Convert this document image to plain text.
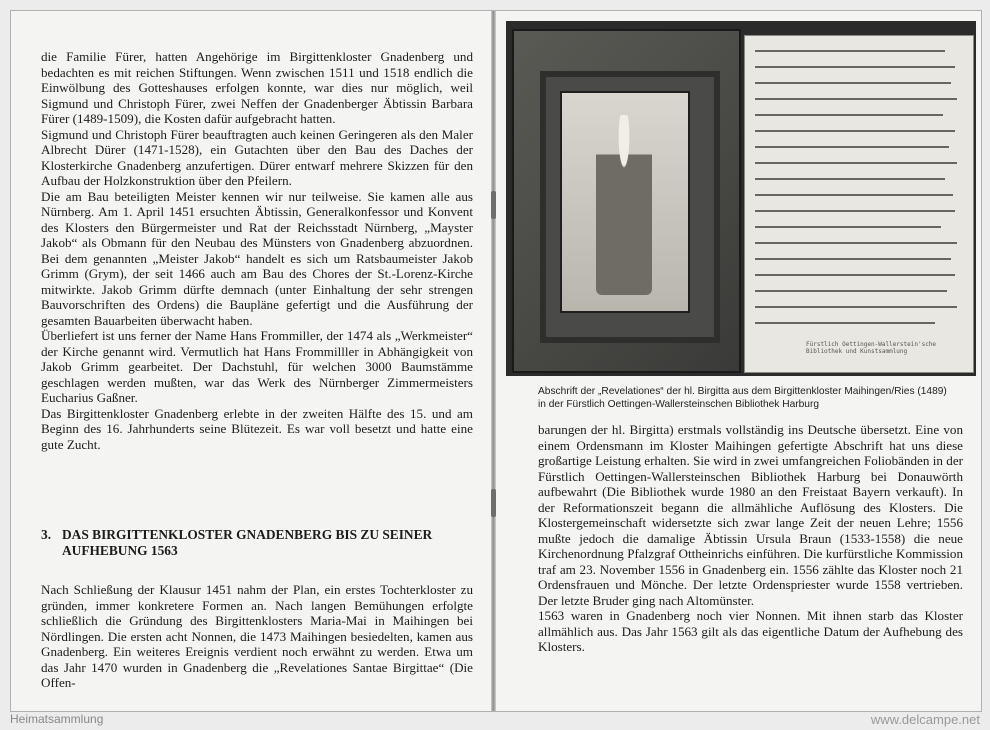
die Familie Fürer, hatten Angehörige im Birgittenkloster Gnadenberg und bedachten es mit reichen Stiftungen. Wenn zwischen 1511 und 1518 endlich die Einwölbung des Gotteshauses erfolgen konnte, war dies nur möglich, weil Sigmund und Christoph Fürer, zwei Neffen der Gnadenberger Äbtissin Barbara Fürer (1489-1509), die Kosten dafür aufgebracht hatten.

Sigmund und Christoph Fürer beauftragten auch keinen Geringeren als den Maler Albrecht Dürer (1471-1528), ein Gutachten über den Bau des Daches der Klosterkirche Gnadenberg anzufertigen. Dürer entwarf mehrere Skizzen für den Aufbau der Holzkonstruktion über den Pfeilern.

Die am Bau beteiligten Meister kennen wir nur teilweise. Sie kamen alle aus Nürnberg. Am 1. April 1451 ersuchten Äbtissin, Generalkonfessor und Konvent des Klosters den Bürgermeister und Rat der Reichsstadt Nürnberg, „Mayster Jakob“ als Obmann für den Neubau des Münsters von Gnadenberg abzuordnen. Bei dem genannten „Meister Jakob“ handelt es sich um Ratsbaumeister Jakob Grimm (Grym), der seit 1466 auch am Bau des Chores der St.-Lorenz-Kirche mitwirkte. Jakob Grimm dürfte demnach (unter Einhaltung der sehr strengen Bauvorschriften des Ordens) die Baupläne gefertigt und die Ausführung der gesamten Bauarbeiten überwacht haben.

Überliefert ist uns ferner der Name Hans Frommiller, der 1474 als „Werkmeister“ der Kirche genannt wird. Vermutlich hat Hans Frommilller in Abhängigkeit von Jakob Grimm gearbeitet. Der Dachstuhl, für welchen 3000 Baumstämme geschlagen werden mußten, war das Werk des Nürnberger Zimmermeisters Eucharius Gaßner.

Das Birgittenkloster Gnadenberg erlebte in der zweiten Hälfte des 15. und am Beginn des 16. Jahrhunderts seine Blütezeit. Es war voll besetzt und hatte eine gute Zucht.

3. DAS BIRGITTENKLOSTER GNADENBERG BIS ZU SEINER
AUFHEBUNG 1563

Nach Schließung der Klausur 1451 nahm der Plan, ein erstes Tochterkloster zu gründen, immer konkretere Formen an. Nach langen Bemühungen erfolgte schließlich die Gründung des Birgittenklosters Maria-Mai in Maihingen bei Nördlingen. Die ersten acht Nonnen, die 1473 Maihingen besiedelten, kamen aus Gnadenberg. Ein weiteres Ereignis verdient noch erwähnt zu werden. Etwa um das Jahr 1470 wurden in Gnadenberg die „Revelationes Santae Birgittae“ (Die Offen-

Fürstlich Oettingen-Wallerstein'sche Bibliothek und Kunstsammlung
Abschrift der „Revelationes“ der hl. Birgitta aus dem Birgittenkloster Maihingen/Ries (1489)
in der Fürstlich Oettingen-Wallersteinschen Bibliothek Harburg

barungen der hl. Birgitta) erstmals vollständig ins Deutsche übersetzt. Eine von einem Ordensmann im Kloster Maihingen gefertigte Abschrift hat uns diese großartige Leistung erhalten. Sie wird in zwei umfangreichen Foliobänden in der Fürstlich Oettingen-Wallersteinschen Bibliothek Harburg bei Donauwörth aufbewahrt (Die Bibliothek wurde 1980 an den Freistaat Bayern verkauft). In der Reformationszeit begann die allmähliche Auflösung des Klosters. Die Klostergemeinschaft widersetzte sich zwar lange Zeit der neuen Lehre; 1556 mußte jedoch die damalige Äbtissin Ursula Braun (1533-1558) die neue Kirchenordnung Pfalzgraf Ottheinrichs einführen. Die kurfürstliche Kommission traf am 23. November 1556 in Gnadenberg ein. 1556 zählte das Kloster noch 21 Ordensfrauen und Mönche. Der letzte Ordenspriester wurde 1558 vertrieben. Der letzte Bruder ging nach Altomünster.

1563 waren in Gnadenberg noch vier Nonnen. Mit ihnen starb das Kloster allmählich aus. Das Jahr 1563 gilt als das eigentliche Datum der Aufhebung des Klosters.

Heimatsammlung	www.delcampe.net
